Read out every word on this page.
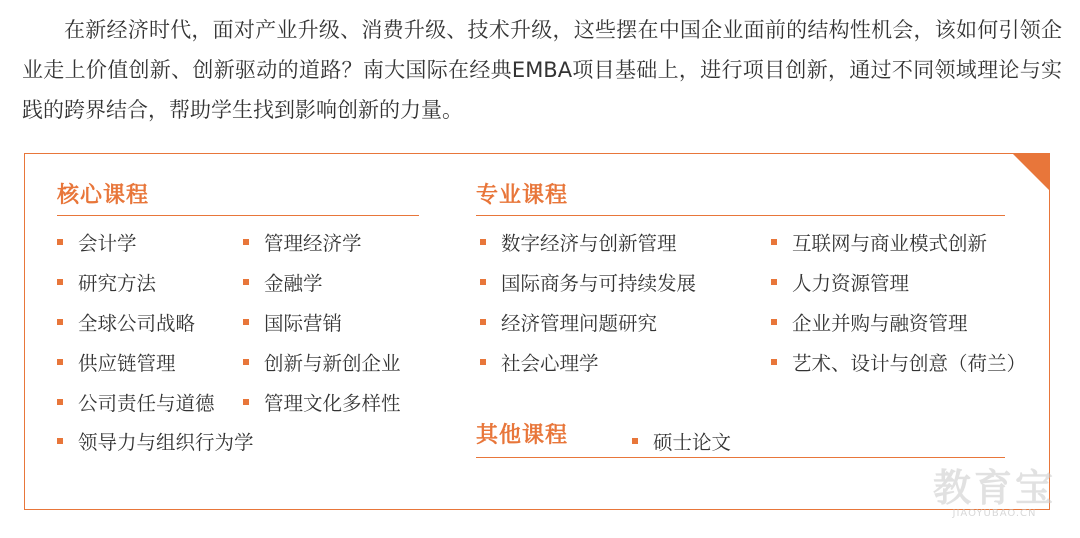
在新经济时代，面对产业升级、消费升级、技术升级，这些摆在中国企业面前的结构性机会，该如何引领企业走上价值创新、创新驱动的道路？南大国际在经典EMBA项目基础上，进行项目创新，通过不同领域理论与实践的跨界结合，帮助学生找到影响创新的力量。
核心课程
会计学
研究方法
全球公司战略
供应链管理
公司责任与道德
领导力与组织行为学
管理经济学
金融学
国际营销
创新与新创企业
管理文化多样性
专业课程
数字经济与创新管理
国际商务与可持续发展
经济管理问题研究
社会心理学
互联网与商业模式创新
人力资源管理
企业并购与融资管理
艺术、设计与创意（荷兰）
其他课程	硕士论文
教育宝
JIAOYUBAO.CN
